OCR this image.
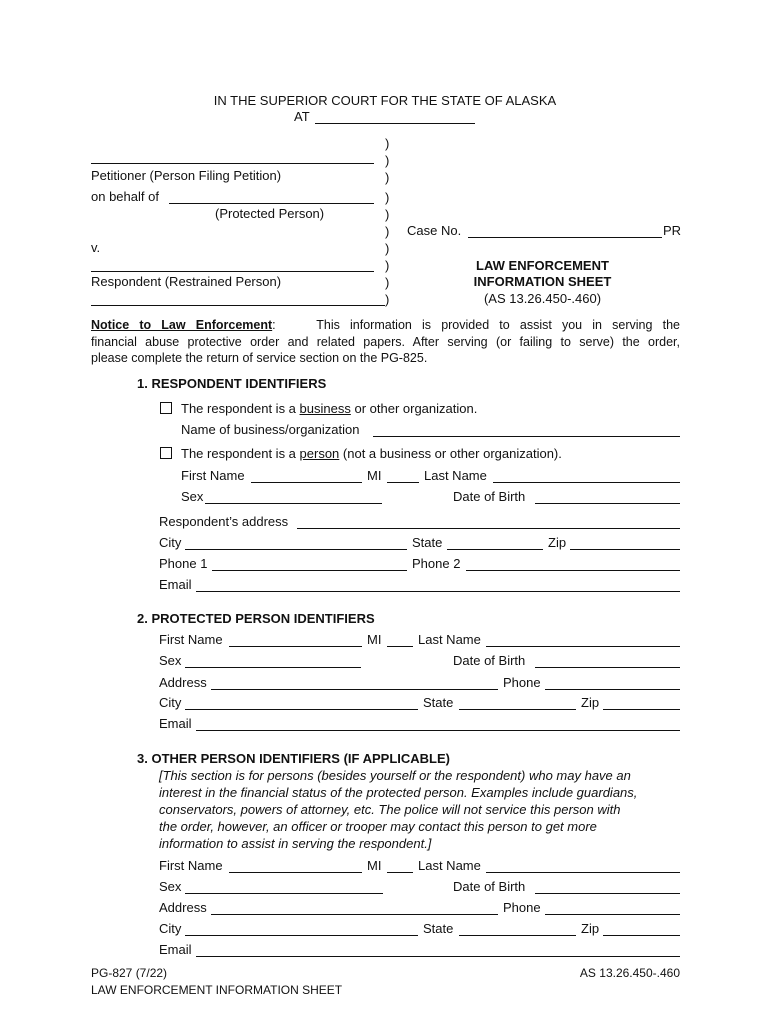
IN THE SUPERIOR COURT FOR THE STATE OF ALASKA
AT
)
)
)
)
)
)
)
)
)
)
Petitioner (Person Filing Petition)
on behalf of
(Protected Person)
Case No.	PR
v.
Respondent (Restrained Person)
LAW ENFORCEMENT
INFORMATION SHEET
(AS 13.26.450-.460)
Notice to Law Enforcement:	This information is provided to assist you in serving the
financial abuse protective order and related papers. After serving (or failing to serve) the order,
please complete the return of service section on the PG-825.
1. RESPONDENT IDENTIFIERS
The respondent is a business or other organization.
Name of business/organization
The respondent is a person (not a business or other organization).
First Name	MI	Last Name
Sex	Date of Birth
Respondent’s address
City	State	Zip
Phone 1	Phone 2
Email
2. PROTECTED PERSON IDENTIFIERS
First Name	MI	Last Name
Sex	Date of Birth
Address	Phone
City	State	Zip
Email
3. OTHER PERSON IDENTIFIERS (IF APPLICABLE)
[This section is for persons (besides yourself or the respondent) who may have an
interest in the financial status of the protected person. Examples include guardians,
conservators, powers of attorney, etc. The police will not service this person with
the order, however, an officer or trooper may contact this person to get more
information to assist in serving the respondent.]
First Name	MI	Last Name
Sex	Date of Birth
Address	Phone
City	State	Zip
Email
PG-827 (7/22)
LAW ENFORCEMENT INFORMATION SHEET
AS 13.26.450-.460
